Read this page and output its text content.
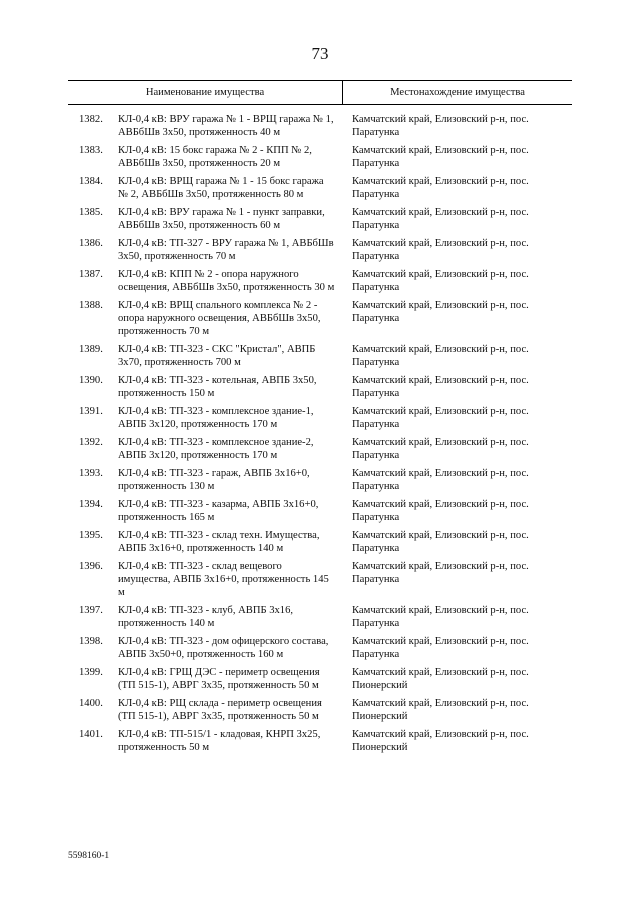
73
Наименование имущества	Местонахождение имущества
1382.	КЛ-0,4 кВ: ВРУ гаража № 1 - ВРЩ гаража № 1, АВБбШв 3х50, протяженность 40 м
Камчатский край, Елизовский р-н, пос. Паратунка
1383.	КЛ-0,4 кВ: 15 бокс гаража № 2 - КПП № 2, АВБбШв 3х50, протяженность 20 м
Камчатский край, Елизовский р-н, пос. Паратунка
1384.	КЛ-0,4 кВ: ВРЩ гаража № 1 - 15 бокс гаража № 2, АВБбШв 3х50, протяженность 80 м
Камчатский край, Елизовский р-н, пос. Паратунка
1385.	КЛ-0,4 кВ: ВРУ гаража № 1 - пункт заправки, АВБбШв 3х50, протяженность 60 м
Камчатский край, Елизовский р-н, пос. Паратунка
1386.	КЛ-0,4 кВ: ТП-327 - ВРУ гаража № 1, АВБбШв 3х50, протяженность 70 м
Камчатский край, Елизовский р-н, пос. Паратунка
1387.	КЛ-0,4 кВ: КПП № 2 - опора наружного освещения, АВБбШв 3х50, протяженность 30 м
Камчатский край, Елизовский р-н, пос. Паратунка
1388.	КЛ-0,4 кВ: ВРЩ спального комплекса № 2 - опора наружного освещения, АВБбШв 3х50, протяженность 70 м
Камчатский край, Елизовский р-н, пос. Паратунка
1389.	КЛ-0,4 кВ: ТП-323 - СКС "Кристал", АВПБ 3х70, протяженность 700 м
Камчатский край, Елизовский р-н, пос. Паратунка
1390.	КЛ-0,4 кВ: ТП-323 - котельная, АВПБ 3х50, протяженность 150 м
Камчатский край, Елизовский р-н, пос. Паратунка
1391.	КЛ-0,4 кВ: ТП-323 - комплексное здание-1, АВПБ 3х120, протяженность 170 м
Камчатский край, Елизовский р-н, пос. Паратунка
1392.	КЛ-0,4 кВ: ТП-323 - комплексное здание-2, АВПБ 3х120, протяженность 170 м
Камчатский край, Елизовский р-н, пос. Паратунка
1393.	КЛ-0,4 кВ: ТП-323 - гараж, АВПБ 3х16+0, протяженность 130 м
Камчатский край, Елизовский р-н, пос. Паратунка
1394.	КЛ-0,4 кВ: ТП-323 - казарма, АВПБ 3х16+0, протяженность 165 м
Камчатский край, Елизовский р-н, пос. Паратунка
1395.	КЛ-0,4 кВ: ТП-323 - склад техн. Имущества, АВПБ 3х16+0, протяженность 140 м
Камчатский край, Елизовский р-н, пос. Паратунка
1396.	КЛ-0,4 кВ: ТП-323 - склад вещевого имущества, АВПБ 3х16+0, протяженность 145 м
Камчатский край, Елизовский р-н, пос. Паратунка
1397.	КЛ-0,4 кВ: ТП-323 - клуб, АВПБ 3х16, протяженность 140 м
Камчатский край, Елизовский р-н, пос. Паратунка
1398.	КЛ-0,4 кВ: ТП-323 - дом офицерского состава, АВПБ 3х50+0, протяженность 160 м
Камчатский край, Елизовский р-н, пос. Паратунка
1399.	КЛ-0,4 кВ: ГРЩ ДЭС - периметр освещения (ТП 515-1), АВРГ 3х35, протяженность 50 м
Камчатский край, Елизовский р-н, пос. Пионерский
1400.	КЛ-0,4 кВ: РЩ склада - периметр освещения (ТП 515-1), АВРГ 3х35, протяженность 50 м
Камчатский край, Елизовский р-н, пос. Пионерский
1401.	КЛ-0,4 кВ: ТП-515/1 - кладовая, КНРП 3х25, протяженность 50 м
Камчатский край, Елизовский р-н, пос. Пионерский
5598160-1
